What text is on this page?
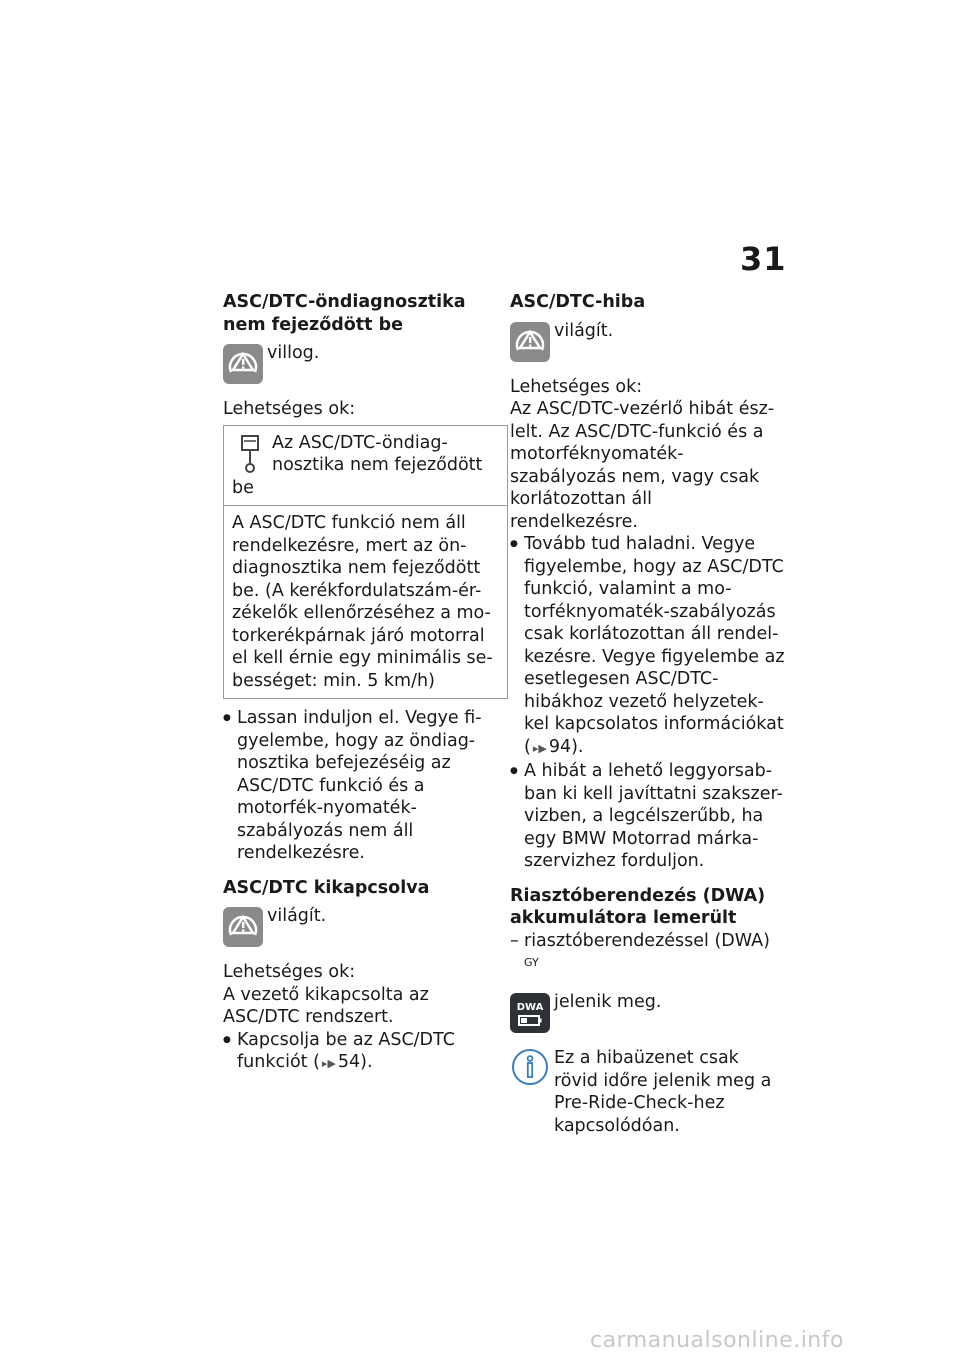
31

ASC/DTC-öndiagnosztika nem fejeződött be

villog.

Lehetséges ok:

Az ASC/DTC-öndiag-nosztika nem fejeződött be
A ASC/DTC funkció nem áll rendelkezésre, mert az ön-diagnosztika nem fejeződött be. (A kerékfordulatszám-ér-zékelők ellenőrzéséhez a mo-torkerékpárnak járó motorral el kell érnie egy minimális se-bességet: min. 5 km/h)
● Lassan induljon el. Vegye fi-gyelembe, hogy az öndiag-nosztika befejezéséig az ASC/DTC funkció és a motorfék-nyomaték-szabályozás nem áll rendelkezésre.

ASC/DTC kikapcsolva

világít.

Lehetséges ok:

A vezető kikapcsolta az ASC/DTC rendszert.

● Kapcsolja be az ASC/DTC funkciót ( ▸▶ 54).

ASC/DTC-hiba

világít.

Lehetséges ok:

Az ASC/DTC-vezérlő hibát ész-lelt. Az ASC/DTC-funkció és a motorféknyomaték-szabályozás nem, vagy csak korlátozottan áll rendelkezésre.

● Tovább tud haladni. Vegye figyelembe, hogy az ASC/DTC funkció, valamint a mo-torféknyomaték-szabályozás csak korlátozottan áll rendel-kezésre. Vegye figyelembe az esetlegesen ASC/DTC-hibákhoz vezető helyzetek-kel kapcsolatos információkat ( ▸▶ 94).
● A hibát a lehető leggyorsab-ban ki kell javíttatni szakszer-vizben, a legcélszerűbb, ha egy BMW Motorrad márka-szervizhez forduljon.

Riasztóberendezés (DWA) akkumulátora lemerült

– riasztóberendezéssel (DWA) $^{GY}$
DWA jelenik meg.
Ez a hibaüzenet csak rövid időre jelenik meg a Pre-Ride-Check-hez kapcsolódóan.
carmanualsonline.info
